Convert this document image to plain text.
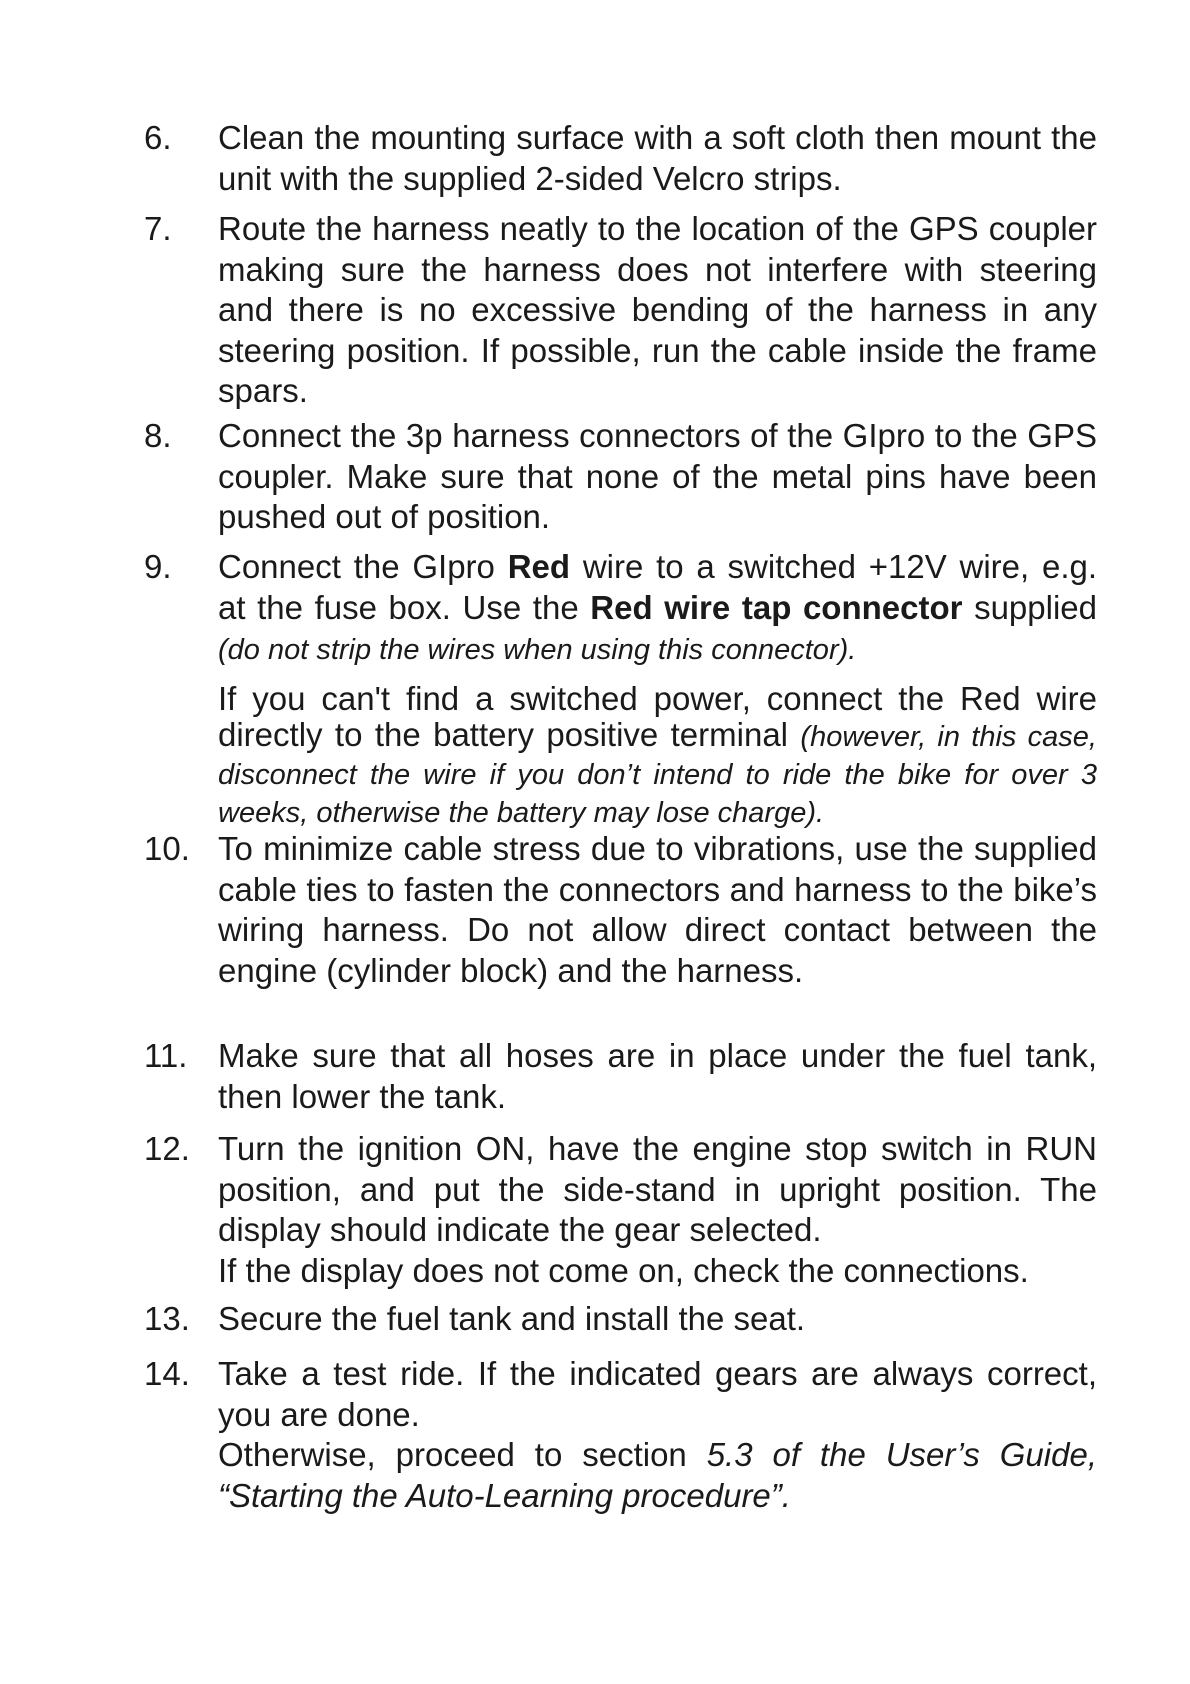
6. Clean the mounting surface with a soft cloth then mount the unit with the supplied 2-sided Velcro strips.

7. Route the harness neatly to the location of the GPS coupler making sure the harness does not interfere with steering and there is no excessive bending of the harness in any steering position. If possible, run the cable inside the frame spars.

8. Connect the 3p harness connectors of the GIpro to the GPS coupler. Make sure that none of the metal pins have been pushed out of position.

9. Connect the GIpro Red wire to a switched +12V wire, e.g. at the fuse box. Use the Red wire tap connector supplied (do not strip the wires when using this connector).

If you can't find a switched power, connect the Red wire directly to the battery positive terminal (however, in this case, disconnect the wire if you don’t intend to ride the bike for over 3 weeks, otherwise the battery may lose charge).

10. To minimize cable stress due to vibrations, use the supplied cable ties to fasten the connectors and harness to the bike’s wiring harness. Do not allow direct contact between the engine (cylinder block) and the harness.

11. Make sure that all hoses are in place under the fuel tank, then lower the tank.

12. Turn the ignition ON, have the engine stop switch in RUN position, and put the side-stand in upright position. The display should indicate the gear selected.

If the display does not come on, check the connections.

13. Secure the fuel tank and install the seat.

14. Take a test ride. If the indicated gears are always correct, you are done.

Otherwise, proceed to section 5.3 of the User’s Guide, “Starting the Auto-Learning procedure”.
